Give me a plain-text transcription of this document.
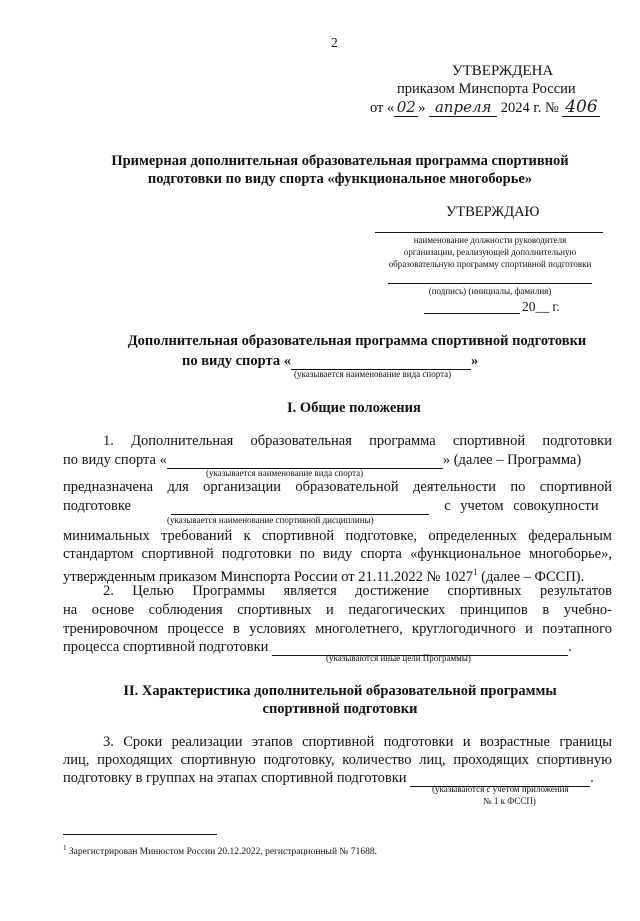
2
УТВЕРЖДЕНА
приказом Минспорта России
от « 02 » апреля 2024 г. № 406
Примерная дополнительная образовательная программа спортивной
подготовки по виду спорта «функциональное многоборье»
УТВЕРЖДАЮ
наименование должности руководителя
организации, реализующей дополнительную
образовательную программу спортивной подготовки
(подпись) (инициалы, фамилия)
20__ г.
Дополнительная образовательная программа спортивной подготовки
по виду спорта «	»
(указывается наименование вида спорта)
I. Общие положения
1. Дополнительная образовательная программа спортивной подготовки
по виду спорта «	» (далее – Программа)
(указывается наименование вида спорта)
предназначена для организации образовательной деятельности по спортивной
подготовке	с учетом совокупности
(указывается наименование спортивной дисциплины)
минимальных требований к спортивной подготовке, определенных федеральным
стандартом спортивной подготовки по виду спорта «функциональное многоборье»,
утвержденным приказом Минспорта России от 21.11.2022 № 1027$^1$ (далее – ФССП).
2. Целью Программы является достижение спортивных результатов
на основе соблюдения спортивных и педагогических принципов в учебно-
тренировочном процессе в условиях многолетнего, круглогодичного и поэтапного
процесса спортивной подготовки	.
(указываются иные цели Программы)
II. Характеристика дополнительной образовательной программы
спортивной подготовки
3. Сроки реализации этапов спортивной подготовки и возрастные границы
лиц, проходящих спортивную подготовку, количество лиц, проходящих спортивную
подготовку в группах на этапах спортивной подготовки	.
(указываются с учетом приложения
№ 1 к ФССП)
$^1$ Зарегистрирован Минюстом России 20.12.2022, регистрационный № 71688.
